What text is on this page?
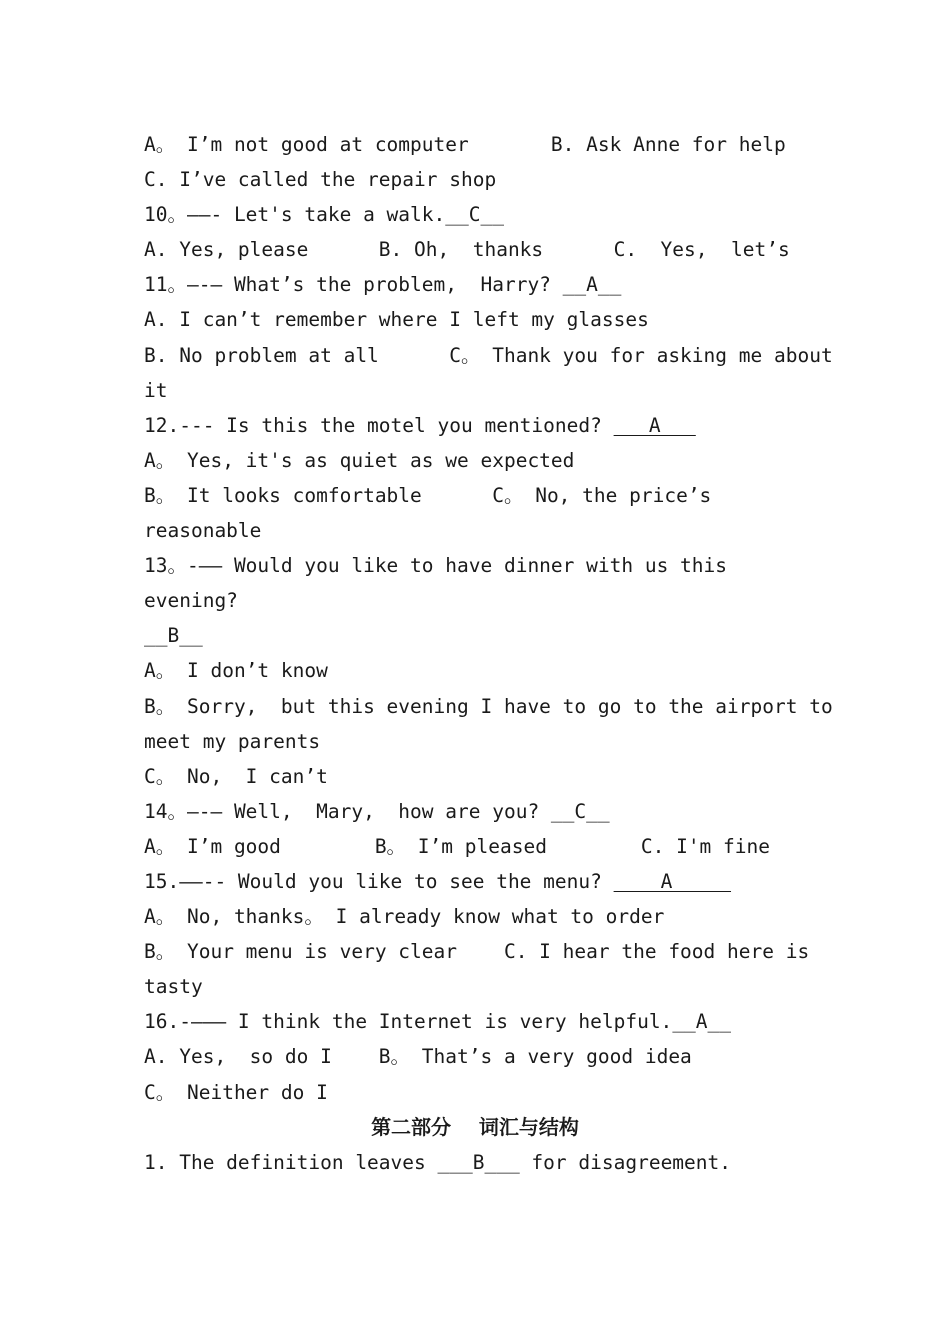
A。 I’m not good at computer       B. Ask Anne for help
C. I’ve called the repair shop
10。——- Let's take a walk.__C__
A. Yes, please      B. Oh,  thanks      C.  Yes,  let’s
11。—-— What’s the problem,  Harry? __A__
A. I can’t remember where I left my glasses
B. No problem at all      C。 Thank you for asking me about
it
12.--- Is this the motel you mentioned?    A
A。 Yes, it's as quiet as we expected
B。 It looks comfortable      C。 No, the price’s
reasonable
13。-—— Would you like to have dinner with us this
evening?
__B__
A。 I don’t know
B。 Sorry,  but this evening I have to go to the airport to
meet my parents
C。 No,  I can’t
14。—-— Well,  Mary,  how are you? __C__
A。 I’m good        B。 I’m pleased        C. I'm fine
15.——-- Would you like to see the menu?     A
A。 No, thanks。 I already know what to order
B。 Your menu is very clear    C. I hear the food here is
tasty
16.-——— I think the Internet is very helpful.__A__
A. Yes,  so do I    B。 That’s a very good idea
C。 Neither do I
第二部分    词汇与结构
1. The definition leaves ___B___ for disagreement.
